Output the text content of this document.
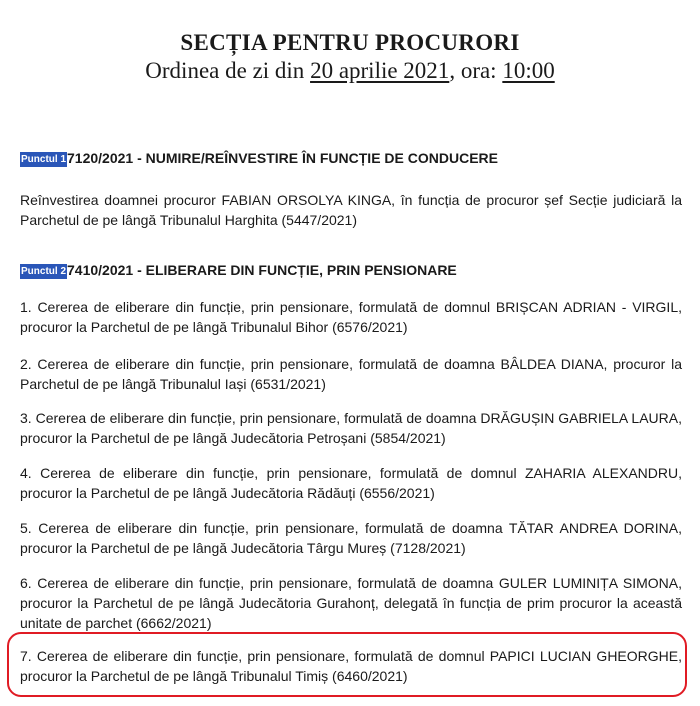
SECȚIA PENTRU PROCURORI
Ordinea de zi din 20 aprilie 2021, ora: 10:00
Punctul 17120/2021 - NUMIRE/REÎNVESTIRE ÎN FUNCȚIE DE CONDUCERE
Reînvestirea doamnei procuror FABIAN ORSOLYA KINGA, în funcția de procuror șef Secție judiciară la Parchetul de pe lângă Tribunalul Harghita (5447/2021)
Punctul 27410/2021 - ELIBERARE DIN FUNCȚIE, PRIN PENSIONARE
1. Cererea de eliberare din funcție, prin pensionare, formulată de domnul BRIȘCAN ADRIAN - VIRGIL, procuror la Parchetul de pe lângă Tribunalul Bihor (6576/2021)
2. Cererea de eliberare din funcție, prin pensionare, formulată de doamna BÂLDEA DIANA, procuror la Parchetul de pe lângă Tribunalul Iași (6531/2021)
3. Cererea de eliberare din funcție, prin pensionare, formulată de doamna DRĂGUȘIN GABRIELA LAURA, procuror la Parchetul de pe lângă Judecătoria Petroșani (5854/2021)
4. Cererea de eliberare din funcție, prin pensionare, formulată de domnul ZAHARIA ALEXANDRU, procuror la Parchetul de pe lângă Judecătoria Rădăuți (6556/2021)
5. Cererea de eliberare din funcție, prin pensionare, formulată de doamna TĂTAR ANDREA DORINA, procuror la Parchetul de pe lângă Judecătoria Târgu Mureș (7128/2021)
6. Cererea de eliberare din funcție, prin pensionare, formulată de doamna GULER LUMINIȚA SIMONA, procuror la Parchetul de pe lângă Judecătoria Gurahonț, delegată în funcția de prim procuror la această unitate de parchet (6662/2021)
7. Cererea de eliberare din funcție, prin pensionare, formulată de domnul PAPICI LUCIAN GHEORGHE, procuror la Parchetul de pe lângă Tribunalul Timiș (6460/2021)
